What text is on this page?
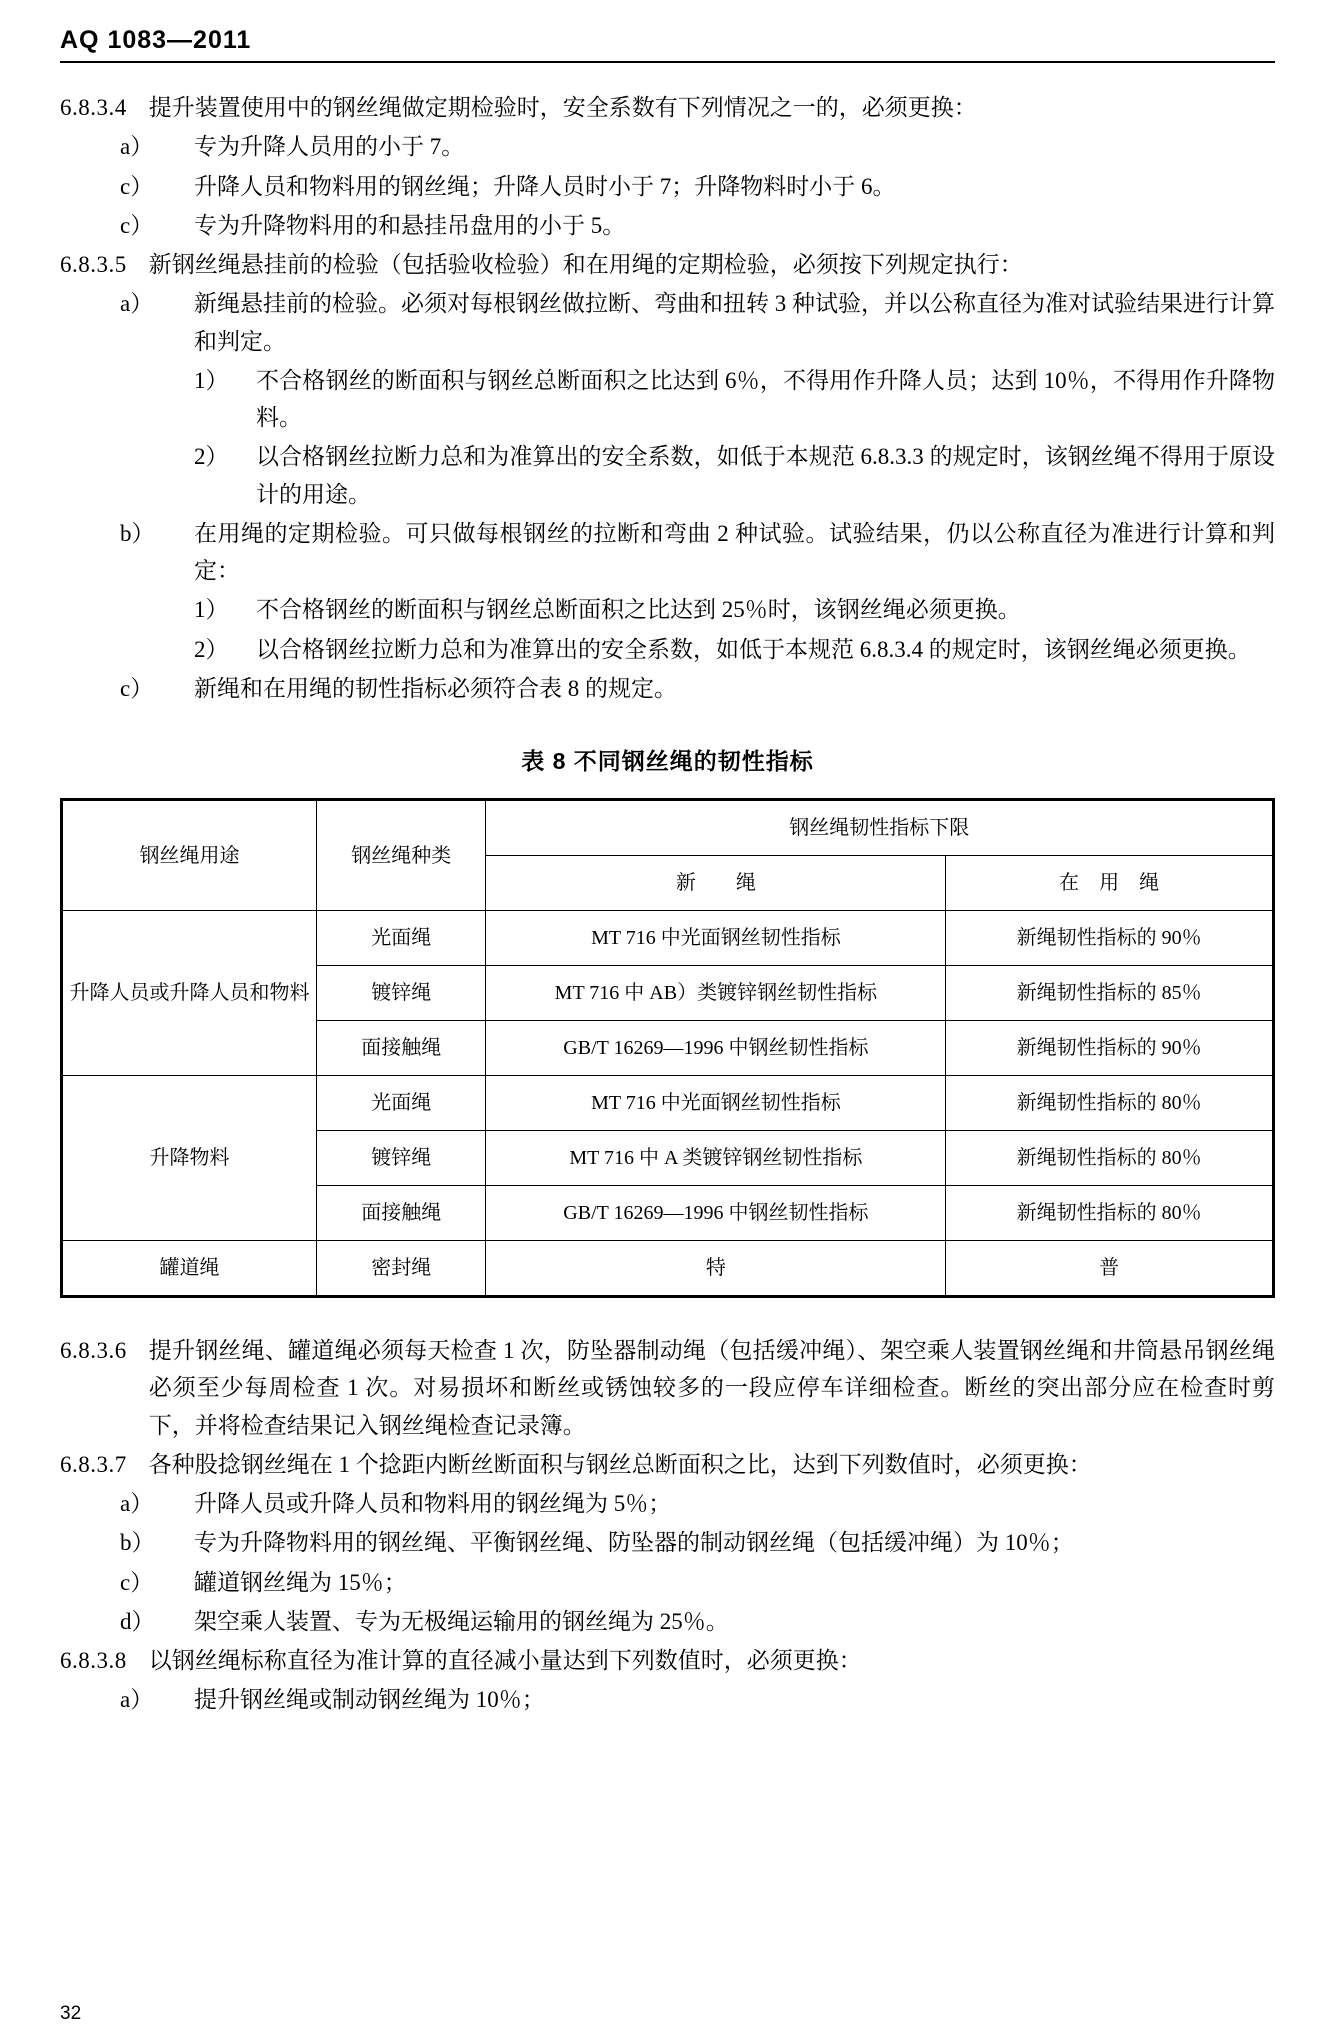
AQ 1083—2011
6.8.3.4 提升装置使用中的钢丝绳做定期检验时，安全系数有下列情况之一的，必须更换：
a）	专为升降人员用的小于 7。
c）	升降人员和物料用的钢丝绳；升降人员时小于 7；升降物料时小于 6。
c）	专为升降物料用的和悬挂吊盘用的小于 5。
6.8.3.5 新钢丝绳悬挂前的检验（包括验收检验）和在用绳的定期检验，必须按下列规定执行：
a）	新绳悬挂前的检验。必须对每根钢丝做拉断、弯曲和扭转 3 种试验，并以公称直径为准对试验结果进行计算和判定。
1）	不合格钢丝的断面积与钢丝总断面积之比达到 6％，不得用作升降人员；达到 10％，不得用作升降物料。
2）	以合格钢丝拉断力总和为准算出的安全系数，如低于本规范 6.8.3.3 的规定时，该钢丝绳不得用于原设计的用途。
b）	在用绳的定期检验。可只做每根钢丝的拉断和弯曲 2 种试验。试验结果，仍以公称直径为准进行计算和判定：
1）	不合格钢丝的断面积与钢丝总断面积之比达到 25％时，该钢丝绳必须更换。
2）	以合格钢丝拉断力总和为准算出的安全系数，如低于本规范 6.8.3.4 的规定时，该钢丝绳必须更换。
c）	新绳和在用绳的韧性指标必须符合表 8 的规定。
表 8 不同钢丝绳的韧性指标
钢丝绳用途	钢丝绳种类	钢丝绳韧性指标下限	
		新　　绳	在　用　绳
升降人员或升降人员和物料	光面绳	MT 716 中光面钢丝韧性指标	新绳韧性指标的 90％
	镀锌绳	MT 716 中 AB）类镀锌钢丝韧性指标	新绳韧性指标的 85％
	面接触绳	GB/T 16269—1996 中钢丝韧性指标	新绳韧性指标的 90％
升降物料	光面绳	MT 716 中光面钢丝韧性指标	新绳韧性指标的 80％
	镀锌绳	MT 716 中 A 类镀锌钢丝韧性指标	新绳韧性指标的 80％
	面接触绳	GB/T 16269—1996 中钢丝韧性指标	新绳韧性指标的 80％
罐道绳	密封绳	特	普
6.8.3.6 提升钢丝绳、罐道绳必须每天检查 1 次，防坠器制动绳（包括缓冲绳）、架空乘人装置钢丝绳和井筒悬吊钢丝绳必须至少每周检查 1 次。对易损坏和断丝或锈蚀较多的一段应停车详细检查。断丝的突出部分应在检查时剪下，并将检查结果记入钢丝绳检查记录簿。
6.8.3.7 各种股捻钢丝绳在 1 个捻距内断丝断面积与钢丝总断面积之比，达到下列数值时，必须更换：
a）	升降人员或升降人员和物料用的钢丝绳为 5％；
b）	专为升降物料用的钢丝绳、平衡钢丝绳、防坠器的制动钢丝绳（包括缓冲绳）为 10％；
c）	罐道钢丝绳为 15％；
d）	架空乘人装置、专为无极绳运输用的钢丝绳为 25％。
6.8.3.8 以钢丝绳标称直径为准计算的直径减小量达到下列数值时，必须更换：
a）	提升钢丝绳或制动钢丝绳为 10％；
32
